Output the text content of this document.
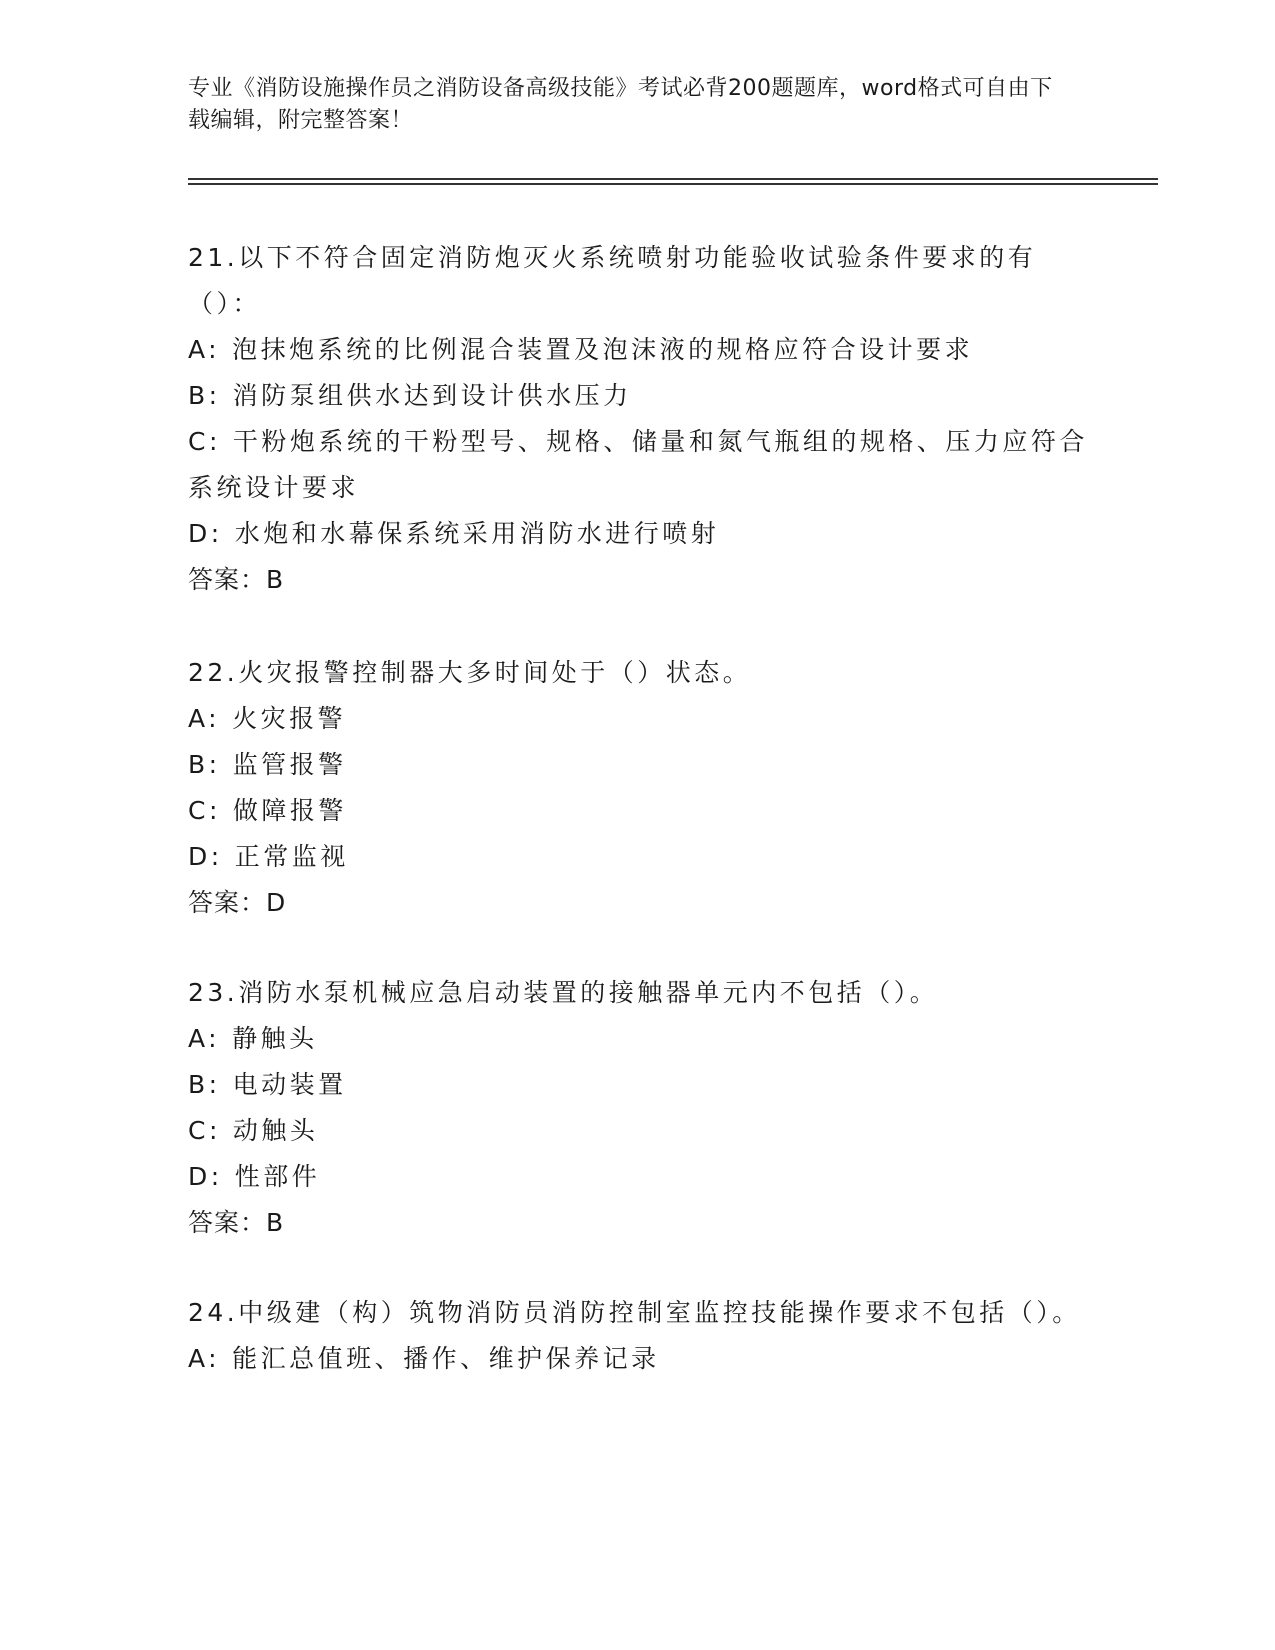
专业《消防设施操作员之消防设备高级技能》考试必背200题题库，word格式可自由下载编辑，附完整答案！

21.以下不符合固定消防炮灭火系统喷射功能验收试验条件要求的有（）：

A: 泡抹炮系统的比例混合装置及泡沫液的规格应符合设计要求

B: 消防泵组供水达到设计供水压力

C: 干粉炮系统的干粉型号、规格、储量和氮气瓶组的规格、压力应符合系统设计要求

D: 水炮和水幕保系统采用消防水进行喷射

答案：B

22.火灾报警控制器大多时间处于（）状态。

A: 火灾报警

B: 监管报警

C: 做障报警

D: 正常监视

答案：D

23.消防水泵机械应急启动装置的接触器单元内不包括（）。

A: 静触头

B: 电动装置

C: 动触头

D: 性部件

答案：B

24.中级建（构）筑物消防员消防控制室监控技能操作要求不包括（）。

A: 能汇总值班、播作、维护保养记录
